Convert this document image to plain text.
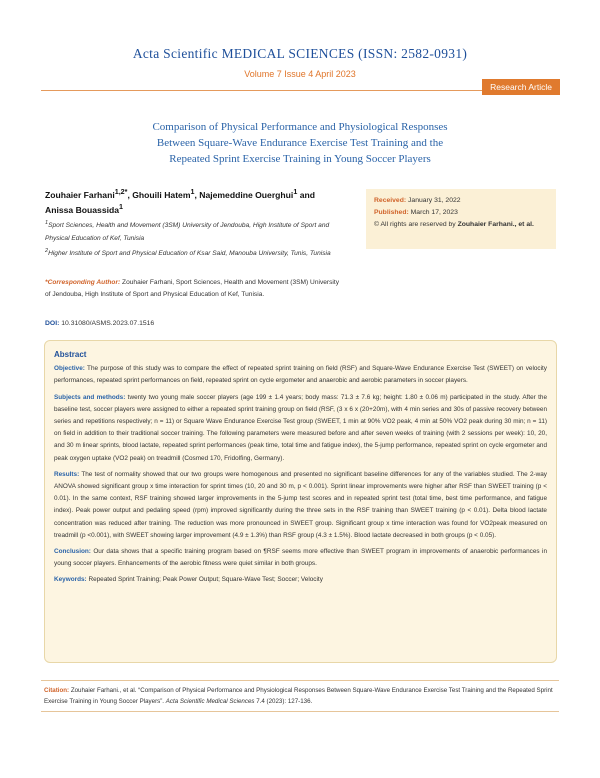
Acta Scientific MEDICAL SCIENCES (ISSN: 2582-0931)
Volume 7 Issue 4 April 2023
Research Article
Comparison of Physical Performance and Physiological Responses
Between Square-Wave Endurance Exercise Test Training and the
Repeated Sprint Exercise Training in Young Soccer Players
Zouhaier Farhani$^{1,2*}$, Ghouili Hatem$^1$, Najemeddine Ouerghui$^1$ and Anissa Bouassida$^1$
$^1$Sport Sciences, Health and Movement (3SM) University of Jendouba, High Institute of Sport and Physical Education of Kef, Tunisia
$^2$Higher Institute of Sport and Physical Education of Ksar Said, Manouba University, Tunis, Tunisia
*Corresponding Author: Zouhaier Farhani, Sport Sciences, Health and Movement (3SM) University of Jendouba, High Institute of Sport and Physical Education of Kef, Tunisia.
DOI: 10.31080/ASMS.2023.07.1516
Received: January 31, 2022
Published: March 17, 2023
© All rights are reserved by Zouhaier Farhani., et al.
Abstract

Objective: The purpose of this study was to compare the effect of repeated sprint training on field (RSF) and Square-Wave Endurance Exercise Test (SWEET) on velocity performances, repeated sprint performances on field, repeated sprint on cycle ergometer and anaerobic and aerobic parameters in soccer players.

Subjects and methods: twenty two young male soccer players (age 199 ± 1.4 years; body mass: 71.3 ± 7.6 kg; height: 1.80 ± 0.06 m) participated in the study. After the baseline test, soccer players were assigned to either a repeated sprint training group on field (RSF, (3 x 6 x (20+20m), with 4 min series and 30s of passive recovery between series and repetitions respectively; n = 11) or Square Wave Endurance Exercise Test group (SWEET, 1 min at 90% VO2 peak, 4 min at 50% VO2 peak during 30 min; n = 11) on field in addition to their traditional soccer training. The following parameters were measured before and after seven weeks of training (with 2 sessions per week): 10, 20, and 30 m linear sprints, blood lactate, repeated sprint performances (peak time, total time and fatigue index), the 5-jump performance, repeated sprint on cycle ergometer and peak oxygen uptake (VO2 peak) on treadmill (Cosmed 170, Fridolfing, Germany).

Results: The test of normality showed that our two groups were homogenous and presented no significant baseline differences for any of the variables studied. The 2-way ANOVA showed significant group x time interaction for sprint times (10, 20 and 30 m, p < 0.001). Sprint linear improvements were higher after RSF than SWEET training (p < 0.01). In the same context, RSF training showed larger improvements in the 5-jump test scores and in repeated sprint test (total time, best time performance, and fatigue index). Peak power output and pedaling speed (rpm) improved significantly during the three sets in the RSF training than SWEET training (p < 0.01). Delta blood lactate concentration was reduced after training. The reduction was more pronounced in SWEET group. Significant group x time interaction was found for VO2peak measured on treadmill (p <0.001), with SWEET showing larger improvement (4.9 ± 1.3%) than RSF group (4.3 ± 1.5%). Blood lactate decreased in both groups (p < 0.05).

Conclusion: Our data shows that a specific training program based on ¶RSF seems more effective than SWEET program in improvements of anaerobic performances in young soccer players. Enhancements of the aerobic fitness were quiet similar in both groups.

Keywords: Repeated Sprint Training; Peak Power Output; Square-Wave Test; Soccer; Velocity

Citation: Zouhaier Farhani., et al. “Comparison of Physical Performance and Physiological Responses Between Square-Wave Endurance Exercise Test Training and the Repeated Sprint Exercise Training in Young Soccer Players”. Acta Scientific Medical Sciences 7.4 (2023): 127-136.
